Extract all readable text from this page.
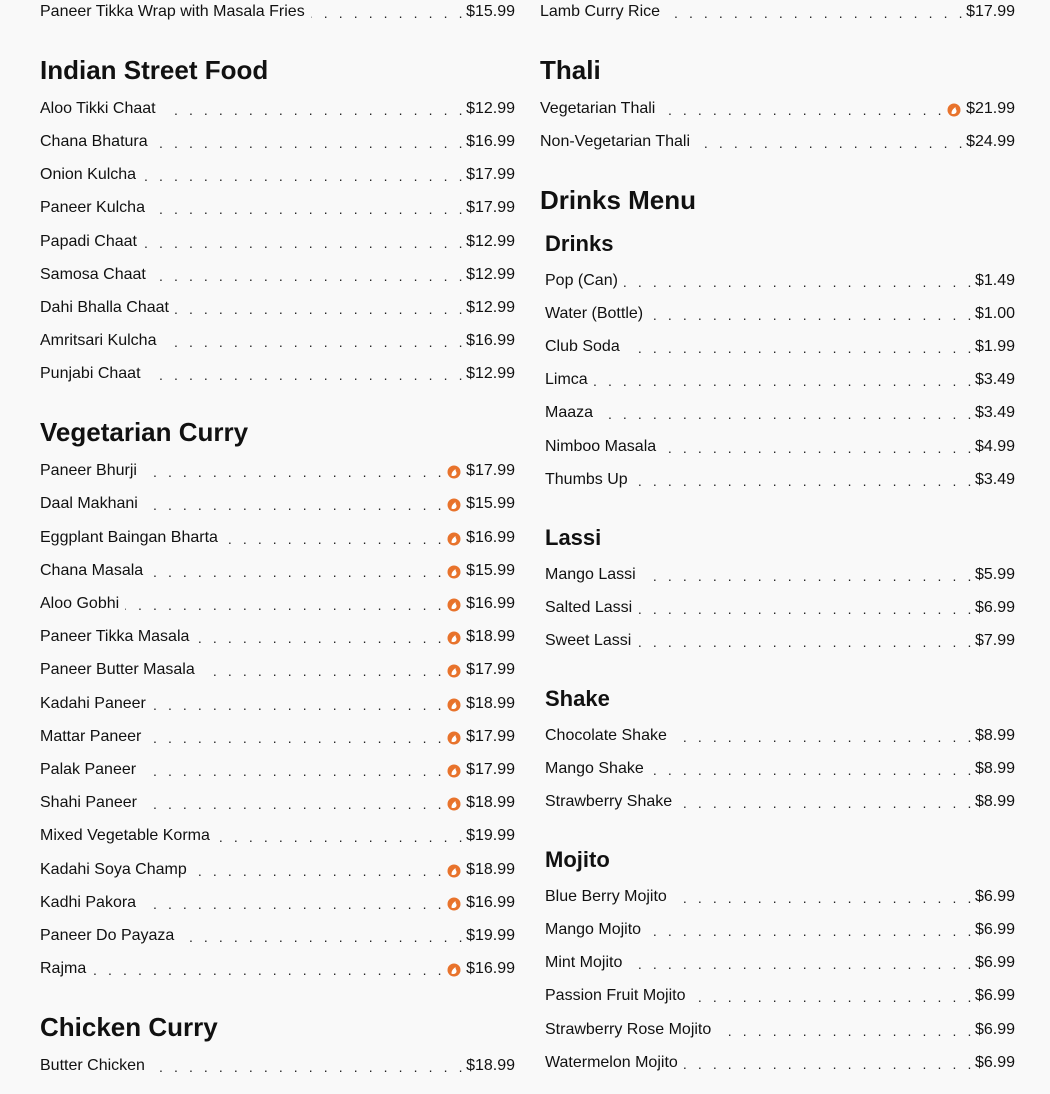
Paneer Tikka Wrap with Masala Fries . . .	$15.99
Indian Street Food
Aloo Tikki Chaat . . .	$12.99
Chana Bhatura . . .	$16.99
Onion Kulcha . . .	$17.99
Paneer Kulcha . . .	$17.99
Papadi Chaat . . .	$12.99
Samosa Chaat . . .	$12.99
Dahi Bhalla Chaat . . .	$12.99
Amritsari Kulcha . . .	$16.99
Punjabi Chaat . . .	$12.99
Vegetarian Curry
Paneer Bhurji . . .	$17.99
Daal Makhani . . .	$15.99
Eggplant Baingan Bharta . . .	$16.99
Chana Masala . . .	$15.99
Aloo Gobhi . . .	$16.99
Paneer Tikka Masala . . .	$18.99
Paneer Butter Masala . . .	$17.99
Kadahi Paneer . . .	$18.99
Mattar Paneer . . .	$17.99
Palak Paneer . . .	$17.99
Shahi Paneer . . .	$18.99
Mixed Vegetable Korma . . .	$19.99
Kadahi Soya Champ . . .	$18.99
Kadhi Pakora . . .	$16.99
Paneer Do Payaza . . .	$19.99
Rajma . . .	$16.99
Chicken Curry
Butter Chicken . . .	$18.99
Lamb Curry Rice . . .	$17.99
Thali
Vegetarian Thali . . .	$21.99
Non-Vegetarian Thali . . .	$24.99
Drinks Menu
Drinks
Pop (Can) . . .	$1.49
Water (Bottle) . . .	$1.00
Club Soda . . .	$1.99
Limca . . .	$3.49
Maaza . . .	$3.49
Nimboo Masala . . .	$4.99
Thumbs Up . . .	$3.49
Lassi
Mango Lassi . . .	$5.99
Salted Lassi . . .	$6.99
Sweet Lassi . . .	$7.99
Shake
Chocolate Shake . . .	$8.99
Mango Shake . . .	$8.99
Strawberry Shake . . .	$8.99
Mojito
Blue Berry Mojito . . .	$6.99
Mango Mojito . . .	$6.99
Mint Mojito . . .	$6.99
Passion Fruit Mojito . . .	$6.99
Strawberry Rose Mojito . . .	$6.99
Watermelon Mojito . . .	$6.99
